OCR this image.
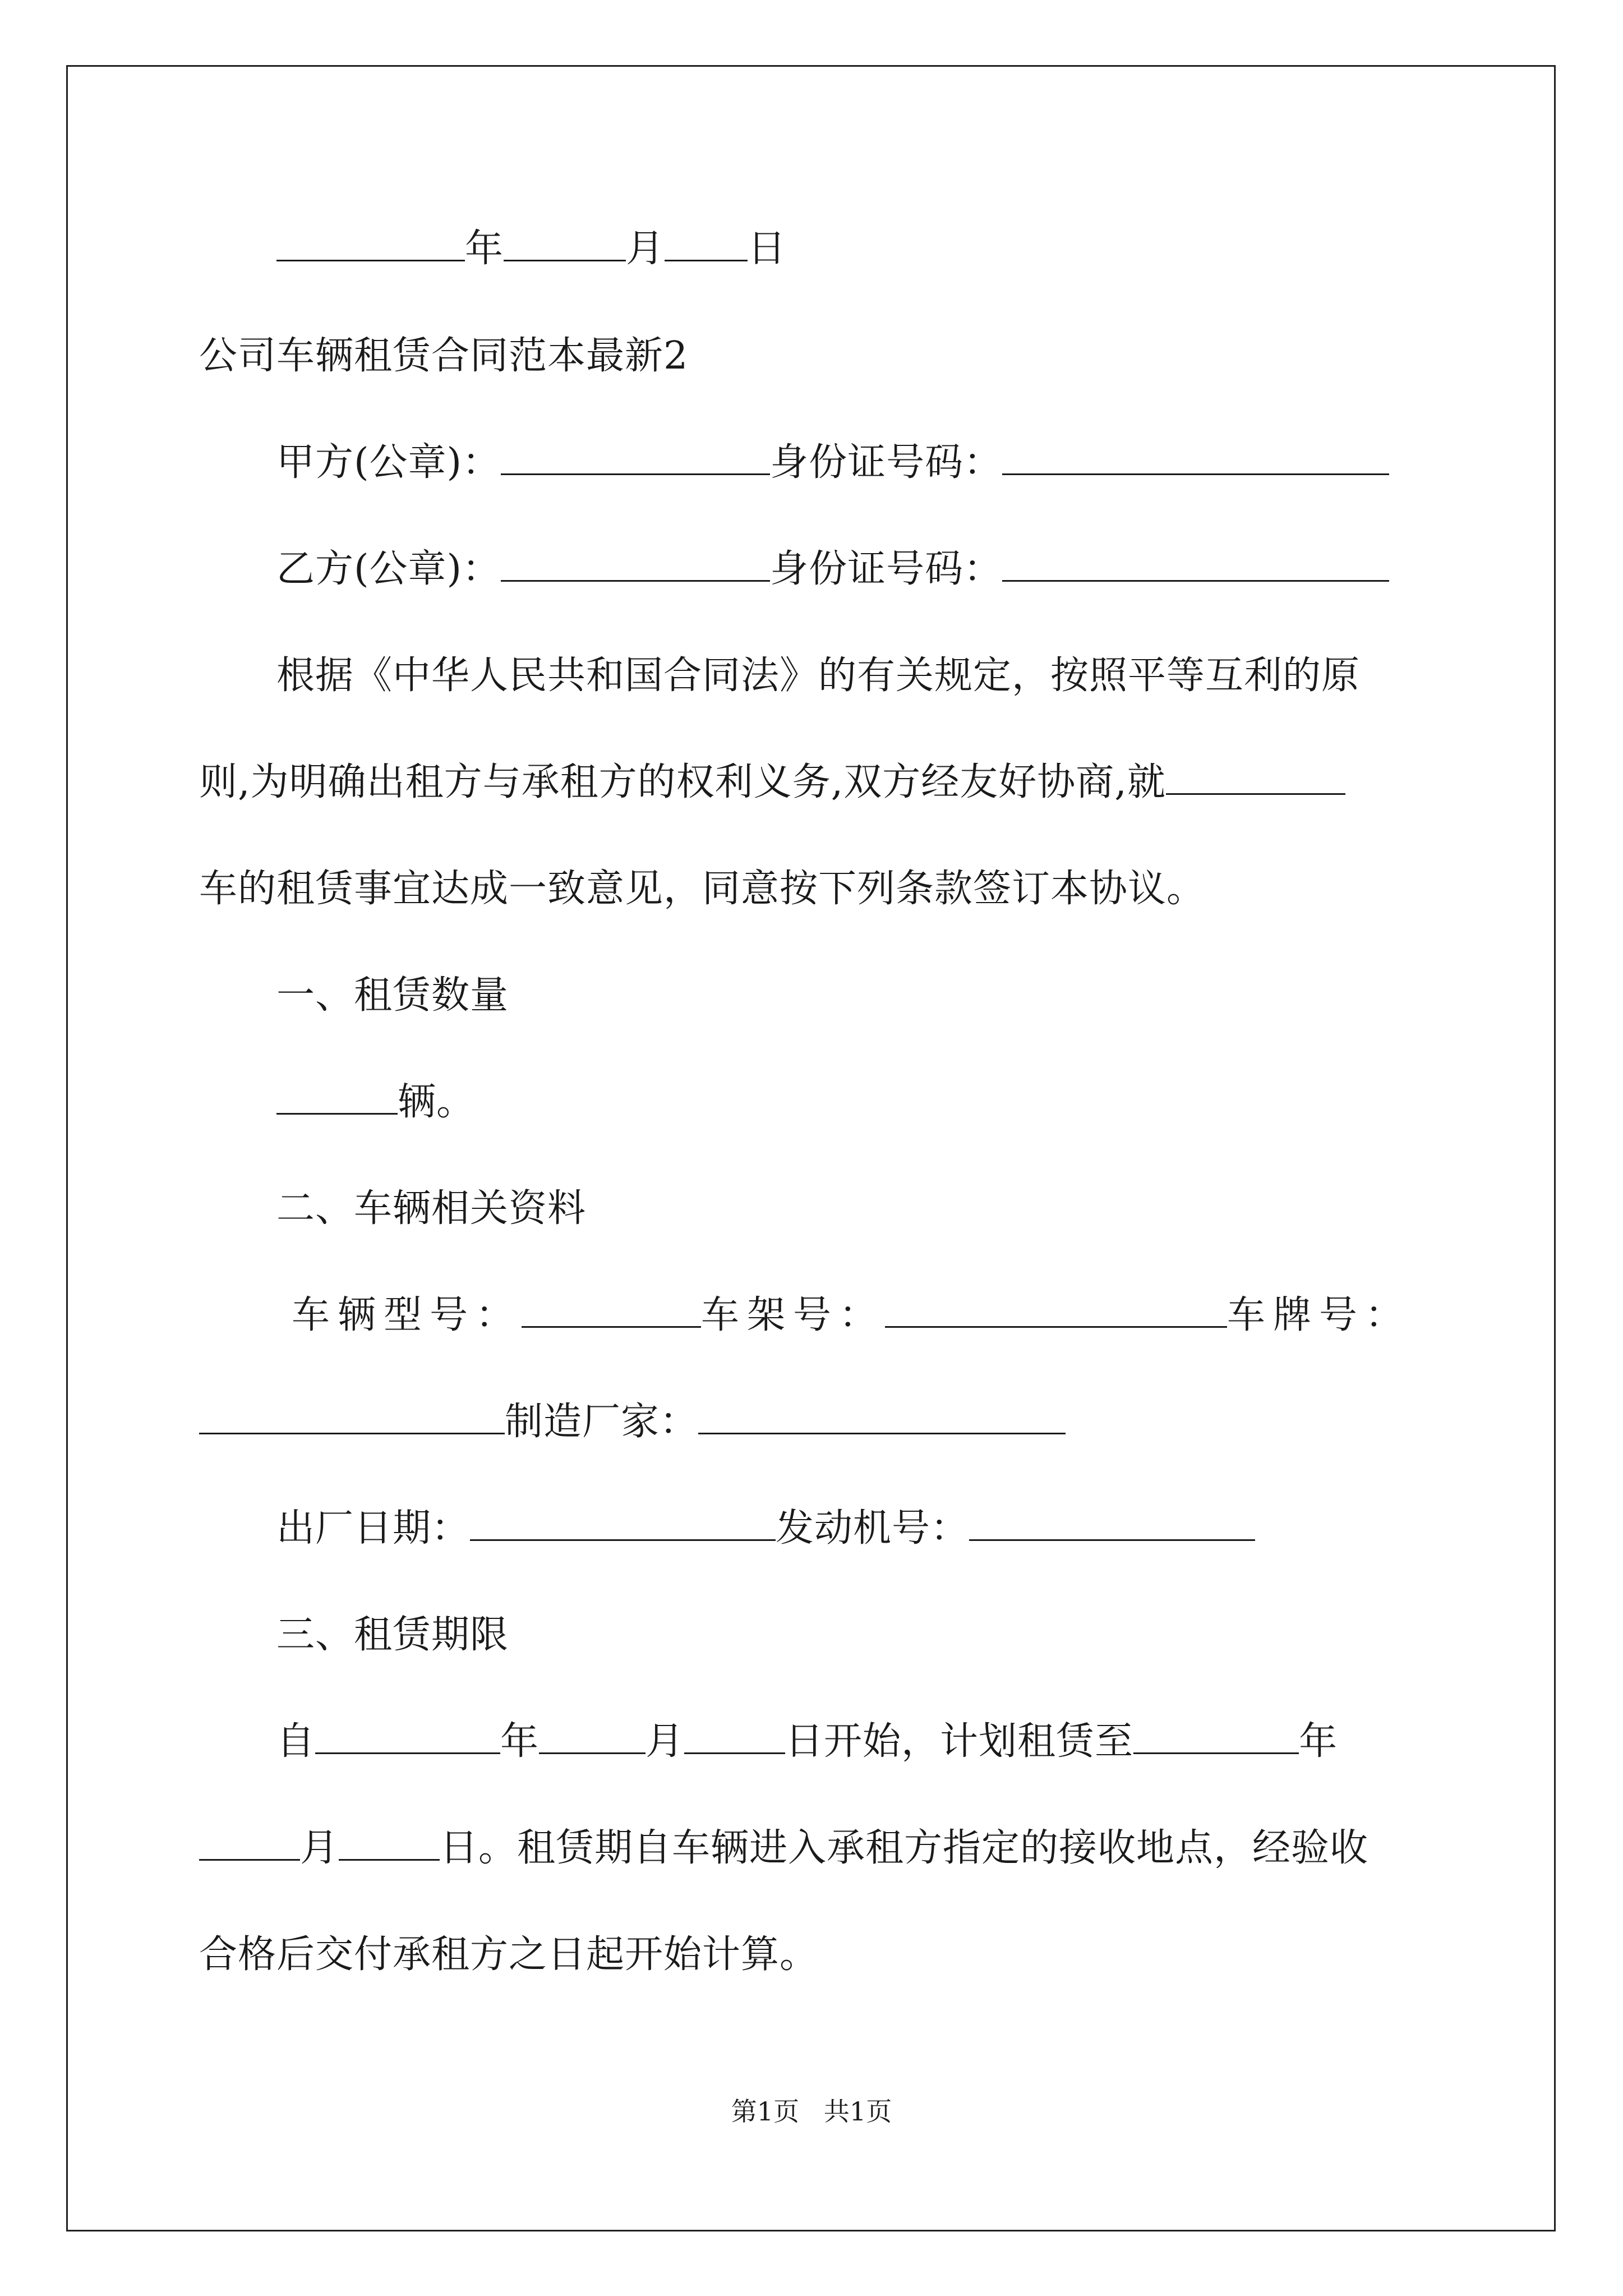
年	月 日
公司车辆租赁合同范本最新2
甲方(公章)：	身份证号码：
乙方(公章)：	身份证号码：
根据《中华人民共和国合同法》的有关规定，按照平等互利的原
则,为明确出租方与承租方的权利义务,双方经友好协商,就
车的租赁事宜达成一致意见，同意按下列条款签订本协议。
一、租赁数量
辆。
二、车辆相关资料
车辆型号：	车架号：	车牌号：
制造厂家：
出厂日期：	发动机号：
三、租赁期限
自	年	月	日开始，计划租赁至	年
月	日。租赁期自车辆进入承租方指定的接收地点，经验收
合格后交付承租方之日起开始计算。
第1页   共1页
